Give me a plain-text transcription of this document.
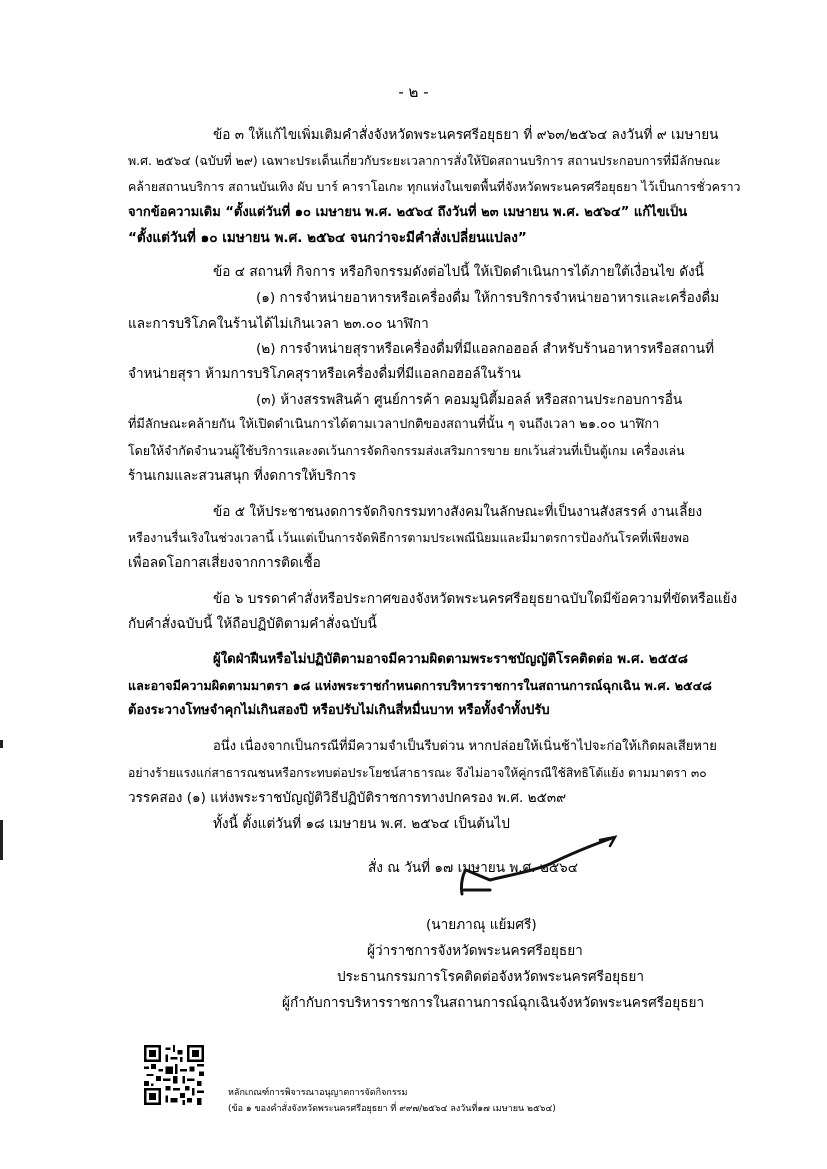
- ๒ -
ข้อ ๓ ให้แก้ไขเพิ่มเติมคำสั่งจังหวัดพระนครศรีอยุธยา ที่ ๙๖๓/๒๕๖๔ ลงวันที่ ๙ เมษายน
พ.ศ. ๒๕๖๔ (ฉบับที่ ๒๙) เฉพาะประเด็นเกี่ยวกับระยะเวลาการสั่งให้ปิดสถานบริการ สถานประกอบการที่มีลักษณะ
คล้ายสถานบริการ สถานบันเทิง ผับ บาร์ คาราโอเกะ ทุกแห่งในเขตพื้นที่จังหวัดพระนครศรีอยุธยา ไว้เป็นการชั่วคราว
จากข้อความเดิม “ตั้งแต่วันที่ ๑๐ เมษายน พ.ศ. ๒๕๖๔ ถึงวันที่ ๒๓ เมษายน พ.ศ. ๒๕๖๔” แก้ไขเป็น
“ตั้งแต่วันที่ ๑๐ เมษายน พ.ศ. ๒๕๖๔ จนกว่าจะมีคำสั่งเปลี่ยนแปลง”
ข้อ ๔ สถานที่ กิจการ หรือกิจกรรมดังต่อไปนี้ ให้เปิดดำเนินการได้ภายใต้เงื่อนไข ดังนี้
(๑) การจำหน่ายอาหารหรือเครื่องดื่ม ให้การบริการจำหน่ายอาหารและเครื่องดื่ม
และการบริโภคในร้านได้ไม่เกินเวลา ๒๓.๐๐ นาฬิกา
(๒) การจำหน่ายสุราหรือเครื่องดื่มที่มีแอลกอฮอล์ สำหรับร้านอาหารหรือสถานที่
จำหน่ายสุรา ห้ามการบริโภคสุราหรือเครื่องดื่มที่มีแอลกอฮอล์ในร้าน
(๓) ห้างสรรพสินค้า ศูนย์การค้า คอมมูนิตี้มอลล์ หรือสถานประกอบการอื่น
ที่มีลักษณะคล้ายกัน ให้เปิดดำเนินการได้ตามเวลาปกติของสถานที่นั้น ๆ จนถึงเวลา ๒๑.๐๐ นาฬิกา
โดยให้จำกัดจำนวนผู้ใช้บริการและงดเว้นการจัดกิจกรรมส่งเสริมการขาย ยกเว้นส่วนที่เป็นตู้เกม เครื่องเล่น
ร้านเกมและสวนสนุก ที่งดการให้บริการ
ข้อ ๕ ให้ประชาชนงดการจัดกิจกรรมทางสังคมในลักษณะที่เป็นงานสังสรรค์ งานเลี้ยง
หรืองานรื่นเริงในช่วงเวลานี้ เว้นแต่เป็นการจัดพิธีการตามประเพณีนิยมและมีมาตรการป้องกันโรคที่เพียงพอ
เพื่อลดโอกาสเสี่ยงจากการติดเชื้อ
ข้อ ๖ บรรดาคำสั่งหรือประกาศของจังหวัดพระนครศรีอยุธยาฉบับใดมีข้อความที่ขัดหรือแย้ง
กับคำสั่งฉบับนี้ ให้ถือปฏิบัติตามคำสั่งฉบับนี้
ผู้ใดฝ่าฝืนหรือไม่ปฏิบัติตามอาจมีความผิดตามพระราชบัญญัติโรคติดต่อ พ.ศ. ๒๕๕๘
และอาจมีความผิดตามมาตรา ๑๘ แห่งพระราชกำหนดการบริหารราชการในสถานการณ์ฉุกเฉิน พ.ศ. ๒๕๔๘
ต้องระวางโทษจำคุกไม่เกินสองปี หรือปรับไม่เกินสี่หมื่นบาท หรือทั้งจำทั้งปรับ
อนึ่ง เนื่องจากเป็นกรณีที่มีความจำเป็นรีบด่วน หากปล่อยให้เนิ่นช้าไปจะก่อให้เกิดผลเสียหาย
อย่างร้ายแรงแก่สาธารณชนหรือกระทบต่อประโยชน์สาธารณะ จึงไม่อาจให้คู่กรณีใช้สิทธิโต้แย้ง ตามมาตรา ๓๐
วรรคสอง (๑) แห่งพระราชบัญญัติวิธีปฏิบัติราชการทางปกครอง พ.ศ. ๒๕๓๙
ทั้งนี้ ตั้งแต่วันที่ ๑๘ เมษายน พ.ศ. ๒๕๖๔ เป็นต้นไป
สั่ง ณ วันที่ ๑๗ เมษายน พ.ศ. ๒๕๖๔
(นายภาณุ แย้มศรี)
ผู้ว่าราชการจังหวัดพระนครศรีอยุธยา
ประธานกรรมการโรคติดต่อจังหวัดพระนครศรีอยุธยา
ผู้กำกับการบริหารราชการในสถานการณ์ฉุกเฉินจังหวัดพระนครศรีอยุธยา
หลักเกณฑ์การพิจารณาอนุญาตการจัดกิจกรรม
(ข้อ ๑ ของคำสั่งจังหวัดพระนครศรีอยุธยา ที่ ๙๙๗/๒๕๖๔ ลงวันที่๑๗ เมษายน ๒๕๖๔)
